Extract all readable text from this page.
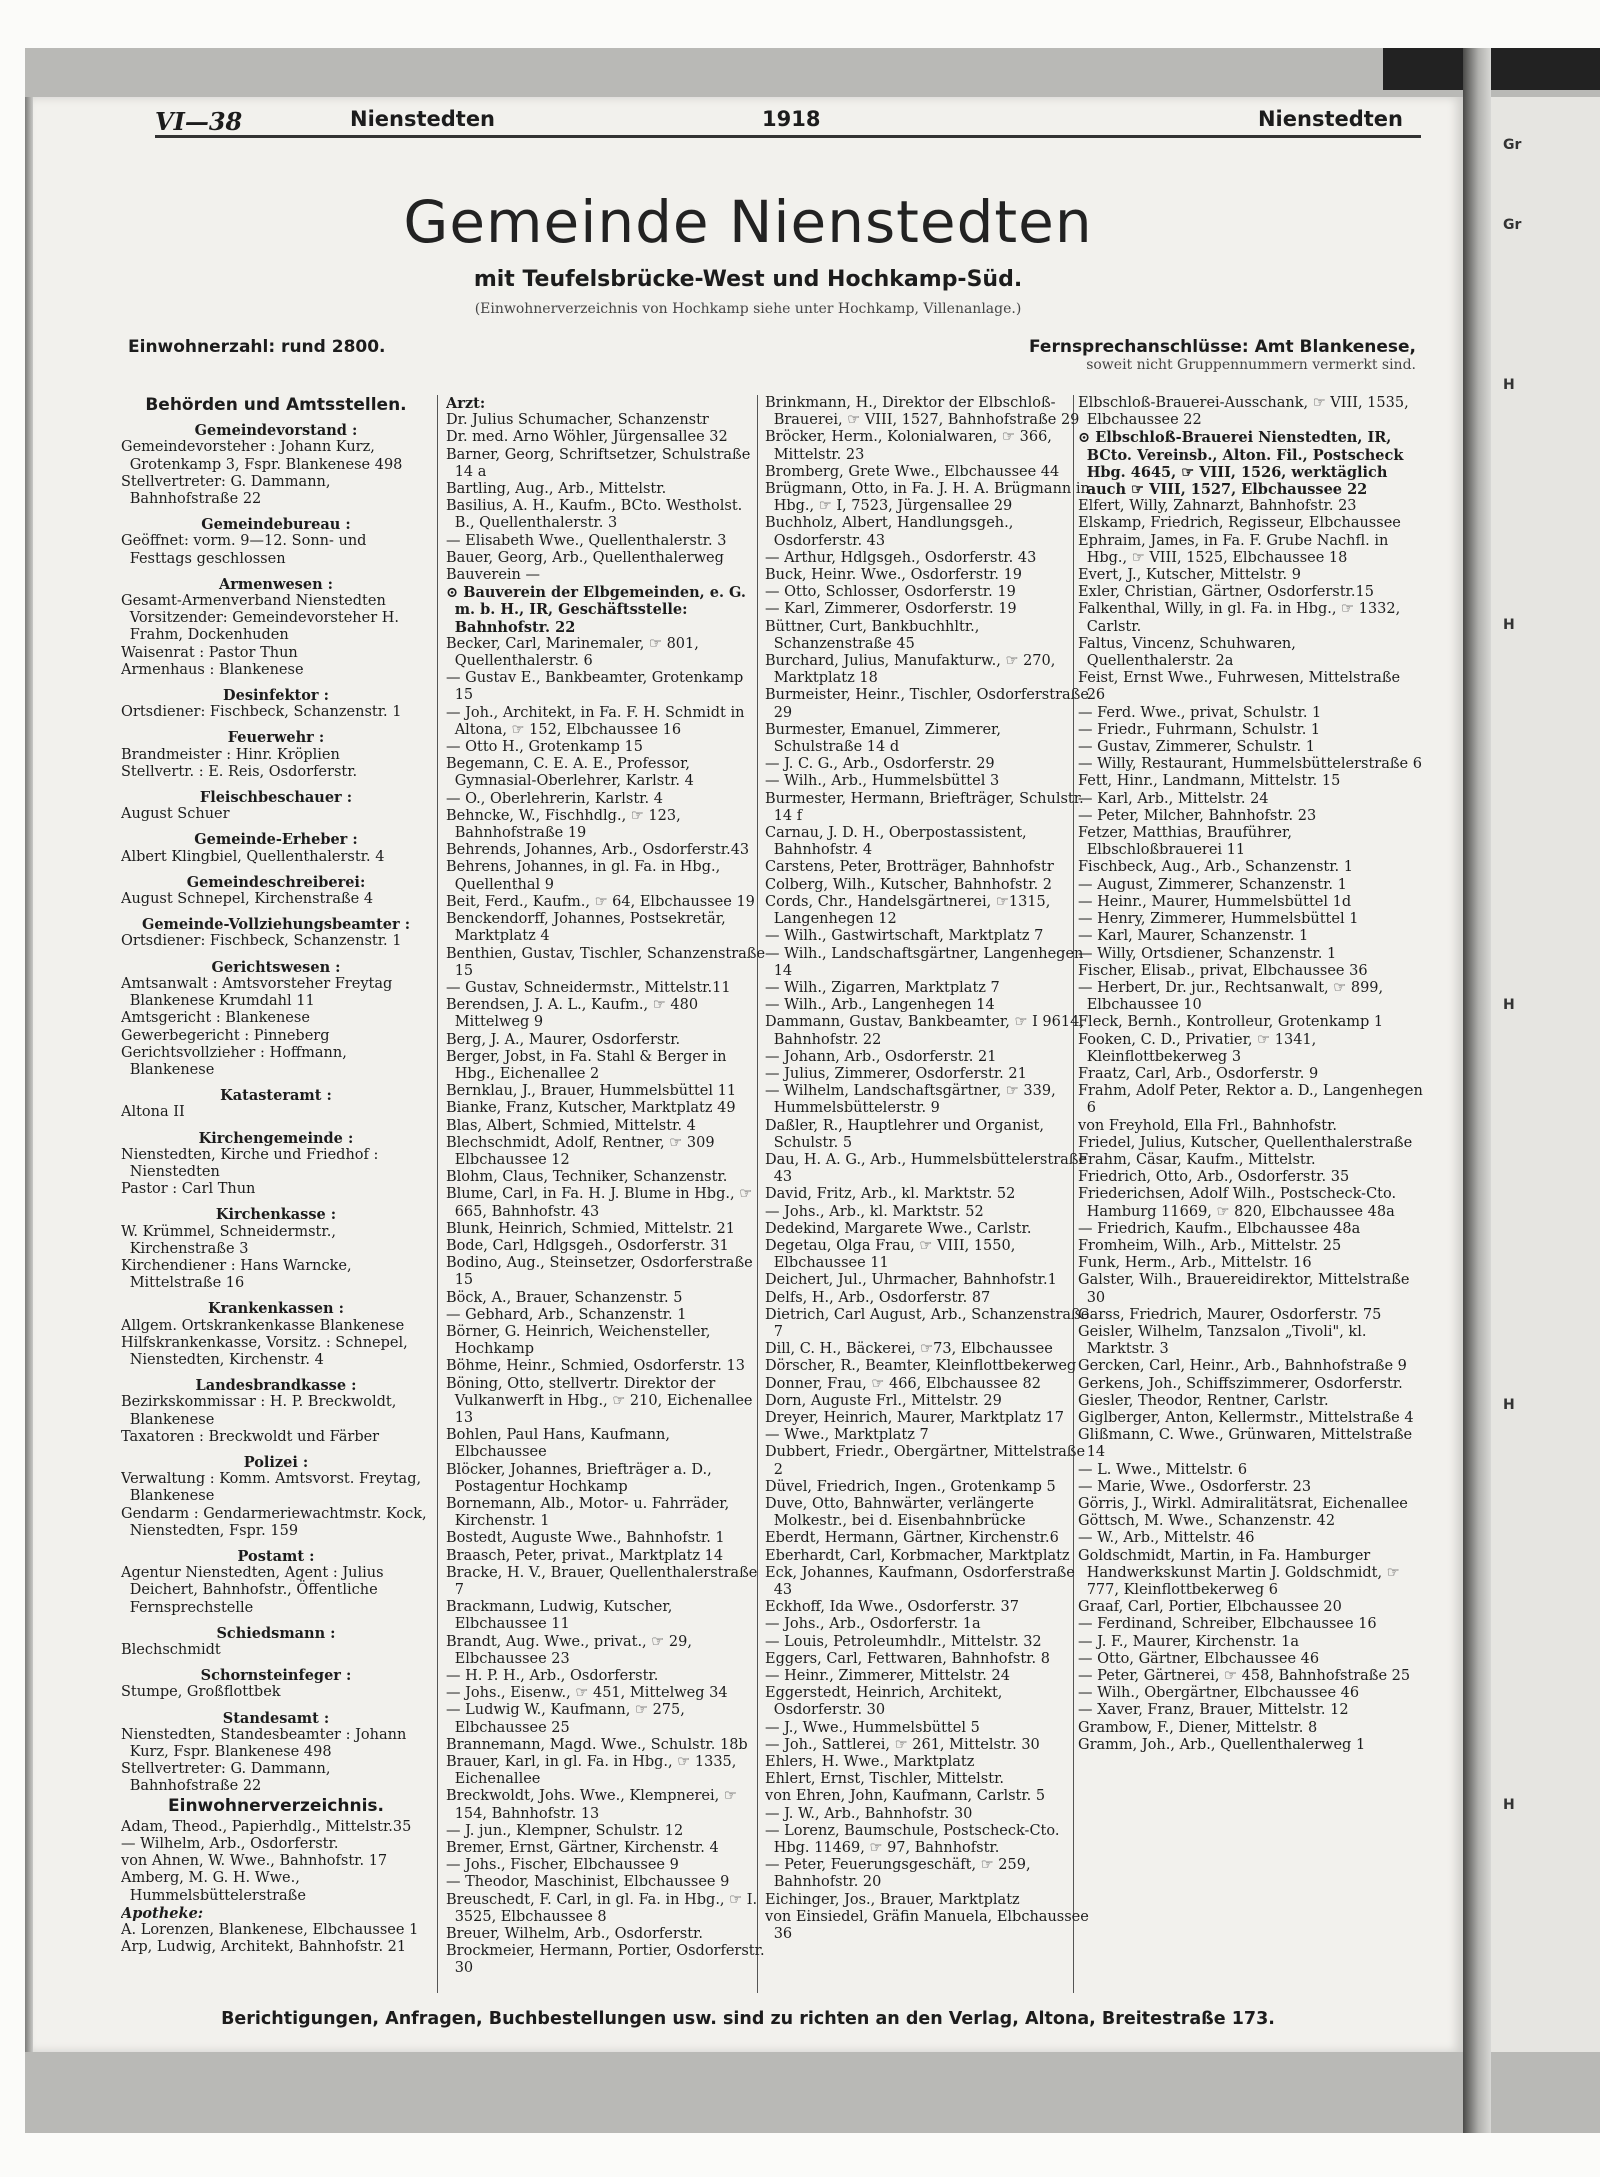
VI—38	Nienstedten	1918	Nienstedten
Gemeinde Nienstedten
mit Teufelsbrücke-West und Hochkamp-Süd.
(Einwohnerverzeichnis von Hochkamp siehe unter Hochkamp, Villenanlage.)
Einwohnerzahl: rund 2800.	Fernsprechanschlüsse: Amt Blankenese,
soweit nicht Gruppennummern vermerkt sind.
Behörden und Amtsstellen.
Gemeindevorstand :
Gemeindevorsteher : Johann Kurz, Grotenkamp 3, Fspr. Blankenese 498
Stellvertreter: G. Dammann, Bahnhofstraße 22
Gemeindebureau :
Geöffnet: vorm. 9—12. Sonn- und Festtags geschlossen
Armenwesen :
Gesamt-Armenverband Nienstedten Vorsitzender: Gemeindevorsteher H. Frahm, Dockenhuden
Waisenrat : Pastor Thun
Armenhaus : Blankenese
Desinfektor :
Ortsdiener: Fischbeck, Schanzenstr. 1
Feuerwehr :
Brandmeister : Hinr. Kröplien
Stellvertr. : E. Reis, Osdorferstr.
Fleischbeschauer :
August Schuer
Gemeinde-Erheber :
Albert Klingbiel, Quellenthalerstr. 4
Gemeindeschreiberei:
August Schnepel, Kirchenstraße 4
Gemeinde-Vollziehungsbeamter :
Ortsdiener: Fischbeck, Schanzenstr. 1
Gerichtswesen :
Amtsanwalt : Amtsvorsteher Freytag Blankenese Krumdahl 11
Amtsgericht : Blankenese
Gewerbegericht : Pinneberg
Gerichtsvollzieher : Hoffmann, Blankenese
Katasteramt :
Altona II
Kirchengemeinde :
Nienstedten, Kirche und Friedhof : Nienstedten
Pastor : Carl Thun
Kirchenkasse :
W. Krümmel, Schneidermstr., Kirchenstraße 3
Kirchendiener : Hans Warncke, Mittelstraße 16
Krankenkassen :
Allgem. Ortskrankenkasse Blankenese
Hilfskrankenkasse, Vorsitz. : Schnepel, Nienstedten, Kirchenstr. 4
Landesbrandkasse :
Bezirkskommissar : H. P. Breckwoldt, Blankenese
Taxatoren : Breckwoldt und Färber
Polizei :
Verwaltung : Komm. Amtsvorst. Freytag, Blankenese
Gendarm : Gendarmeriewachtmstr. Kock, Nienstedten, Fspr. 159
Postamt :
Agentur Nienstedten, Agent : Julius Deichert, Bahnhofstr., Öffentliche Fernsprechstelle
Schiedsmann :
Blechschmidt
Schornsteinfeger :
Stumpe, Großflottbek
Standesamt :
Nienstedten, Standesbeamter : Johann Kurz, Fspr. Blankenese 498
Stellvertreter: G. Dammann, Bahnhofstraße 22
Einwohnerverzeichnis.
Adam, Theod., Papierhdlg., Mittelstr.35
— Wilhelm, Arb., Osdorferstr.
von Ahnen, W. Wwe., Bahnhofstr. 17
Amberg, M. G. H. Wwe., Hummelsbüttelerstraße
Apotheke:
A. Lorenzen, Blankenese, Elbchaussee 1
Arp, Ludwig, Architekt, Bahnhofstr. 21
Arzt:
Dr. Julius Schumacher, Schanzenstr
Dr. med. Arno Wöhler, Jürgensallee 32
Barner, Georg, Schriftsetzer, Schulstraße 14 a
Bartling, Aug., Arb., Mittelstr.
Basilius, A. H., Kaufm., BCto. Westholst. B., Quellenthalerstr. 3
— Elisabeth Wwe., Quellenthalerstr. 3
Bauer, Georg, Arb., Quellenthalerweg
Bauverein —
⊙ Bauverein der Elbgemeinden, e. G. m. b. H., IR, Geschäftsstelle: Bahnhofstr. 22
Becker, Carl, Marinemaler, ☞ 801, Quellenthalerstr. 6
— Gustav E., Bankbeamter, Grotenkamp 15
— Joh., Architekt, in Fa. F. H. Schmidt in Altona, ☞ 152, Elbchaussee 16
— Otto H., Grotenkamp 15
Begemann, C. E. A. E., Professor, Gymnasial-Oberlehrer, Karlstr. 4
— O., Oberlehrerin, Karlstr. 4
Behncke, W., Fischhdlg., ☞ 123, Bahnhofstraße 19
Behrends, Johannes, Arb., Osdorferstr.43
Behrens, Johannes, in gl. Fa. in Hbg., Quellenthal 9
Beit, Ferd., Kaufm., ☞ 64, Elbchaussee 19
Benckendorff, Johannes, Postsekretär, Marktplatz 4
Benthien, Gustav, Tischler, Schanzenstraße 15
— Gustav, Schneidermstr., Mittelstr.11
Berendsen, J. A. L., Kaufm., ☞ 480 Mittelweg 9
Berg, J. A., Maurer, Osdorferstr.
Berger, Jobst, in Fa. Stahl & Berger in Hbg., Eichenallee 2
Bernklau, J., Brauer, Hummelsbüttel 11
Bianke, Franz, Kutscher, Marktplatz 49
Blas, Albert, Schmied, Mittelstr. 4
Blechschmidt, Adolf, Rentner, ☞ 309 Elbchaussee 12
Blohm, Claus, Techniker, Schanzenstr.
Blume, Carl, in Fa. H. J. Blume in Hbg., ☞ 665, Bahnhofstr. 43
Blunk, Heinrich, Schmied, Mittelstr. 21
Bode, Carl, Hdlgsgeh., Osdorferstr. 31
Bodino, Aug., Steinsetzer, Osdorferstraße 15
Böck, A., Brauer, Schanzenstr. 5
— Gebhard, Arb., Schanzenstr. 1
Börner, G. Heinrich, Weichensteller, Hochkamp
Böhme, Heinr., Schmied, Osdorferstr. 13
Böning, Otto, stellvertr. Direktor der Vulkanwerft in Hbg., ☞ 210, Eichenallee 13
Bohlen, Paul Hans, Kaufmann, Elbchaussee
Blöcker, Johannes, Briefträger a. D., Postagentur Hochkamp
Bornemann, Alb., Motor- u. Fahrräder, Kirchenstr. 1
Bostedt, Auguste Wwe., Bahnhofstr. 1
Braasch, Peter, privat., Marktplatz 14
Bracke, H. V., Brauer, Quellenthalerstraße 7
Brackmann, Ludwig, Kutscher, Elbchaussee 11
Brandt, Aug. Wwe., privat., ☞ 29, Elbchaussee 23
— H. P. H., Arb., Osdorferstr.
— Johs., Eisenw., ☞ 451, Mittelweg 34
— Ludwig W., Kaufmann, ☞ 275, Elbchaussee 25
Brannemann, Magd. Wwe., Schulstr. 18b
Brauer, Karl, in gl. Fa. in Hbg., ☞ 1335, Eichenallee
Breckwoldt, Johs. Wwe., Klempnerei, ☞ 154, Bahnhofstr. 13
— J. jun., Klempner, Schulstr. 12
Bremer, Ernst, Gärtner, Kirchenstr. 4
— Johs., Fischer, Elbchaussee 9
— Theodor, Maschinist, Elbchaussee 9
Breuschedt, F. Carl, in gl. Fa. in Hbg., ☞ I. 3525, Elbchaussee 8
Breuer, Wilhelm, Arb., Osdorferstr.
Brockmeier, Hermann, Portier, Osdorferstr. 30
Brinkmann, H., Direktor der Elbschloß-Brauerei, ☞ VIII, 1527, Bahnhofstraße 29
Bröcker, Herm., Kolonialwaren, ☞ 366, Mittelstr. 23
Bromberg, Grete Wwe., Elbchaussee 44
Brügmann, Otto, in Fa. J. H. A. Brügmann in Hbg., ☞ I, 7523, Jürgensallee 29
Buchholz, Albert, Handlungsgeh., Osdorferstr. 43
— Arthur, Hdlgsgeh., Osdorferstr. 43
Buck, Heinr. Wwe., Osdorferstr. 19
— Otto, Schlosser, Osdorferstr. 19
— Karl, Zimmerer, Osdorferstr. 19
Büttner, Curt, Bankbuchhltr., Schanzenstraße 45
Burchard, Julius, Manufakturw., ☞ 270, Marktplatz 18
Burmeister, Heinr., Tischler, Osdorferstraße 29
Burmester, Emanuel, Zimmerer, Schulstraße 14 d
— J. C. G., Arb., Osdorferstr. 29
— Wilh., Arb., Hummelsbüttel 3
Burmester, Hermann, Briefträger, Schulstr. 14 f
Carnau, J. D. H., Oberpostassistent, Bahnhofstr. 4
Carstens, Peter, Brotträger, Bahnhofstr
Colberg, Wilh., Kutscher, Bahnhofstr. 2
Cords, Chr., Handelsgärtnerei, ☞1315, Langenhegen 12
— Wilh., Gastwirtschaft, Marktplatz 7
— Wilh., Landschaftsgärtner, Langenhegen 14
— Wilh., Zigarren, Marktplatz 7
— Wilh., Arb., Langenhegen 14
Dammann, Gustav, Bankbeamter, ☞ I 9614, Bahnhofstr. 22
— Johann, Arb., Osdorferstr. 21
— Julius, Zimmerer, Osdorferstr. 21
— Wilhelm, Landschaftsgärtner, ☞ 339, Hummelsbüttelerstr. 9
Daßler, R., Hauptlehrer und Organist, Schulstr. 5
Dau, H. A. G., Arb., Hummelsbüttelerstraße 43
David, Fritz, Arb., kl. Marktstr. 52
— Johs., Arb., kl. Marktstr. 52
Dedekind, Margarete Wwe., Carlstr.
Degetau, Olga Frau, ☞ VIII, 1550, Elbchaussee 11
Deichert, Jul., Uhrmacher, Bahnhofstr.1
Delfs, H., Arb., Osdorferstr. 87
Dietrich, Carl August, Arb., Schanzenstraße 7
Dill, C. H., Bäckerei, ☞73, Elbchaussee
Dörscher, R., Beamter, Kleinflottbekerweg
Donner, Frau, ☞ 466, Elbchaussee 82
Dorn, Auguste Frl., Mittelstr. 29
Dreyer, Heinrich, Maurer, Marktplatz 17
— Wwe., Marktplatz 7
Dubbert, Friedr., Obergärtner, Mittelstraße 2
Düvel, Friedrich, Ingen., Grotenkamp 5
Duve, Otto, Bahnwärter, verlängerte Molkestr., bei d. Eisenbahnbrücke
Eberdt, Hermann, Gärtner, Kirchenstr.6
Eberhardt, Carl, Korbmacher, Marktplatz
Eck, Johannes, Kaufmann, Osdorferstraße 43
Eckhoff, Ida Wwe., Osdorferstr. 37
— Johs., Arb., Osdorferstr. 1a
— Louis, Petroleumhdlr., Mittelstr. 32
Eggers, Carl, Fettwaren, Bahnhofstr. 8
— Heinr., Zimmerer, Mittelstr. 24
Eggerstedt, Heinrich, Architekt, Osdorferstr. 30
— J., Wwe., Hummelsbüttel 5
— Joh., Sattlerei, ☞ 261, Mittelstr. 30
Ehlers, H. Wwe., Marktplatz
Ehlert, Ernst, Tischler, Mittelstr.
von Ehren, John, Kaufmann, Carlstr. 5
— J. W., Arb., Bahnhofstr. 30
— Lorenz, Baumschule, Postscheck-Cto. Hbg. 11469, ☞ 97, Bahnhofstr.
— Peter, Feuerungsgeschäft, ☞ 259, Bahnhofstr. 20
Eichinger, Jos., Brauer, Marktplatz
von Einsiedel, Gräfin Manuela, Elbchaussee 36
Elbschloß-Brauerei-Ausschank, ☞ VIII, 1535, Elbchaussee 22
⊙ Elbschloß-Brauerei Nienstedten, IR, BCto. Vereinsb., Alton. Fil., Postscheck Hbg. 4645, ☞ VIII, 1526, werktäglich auch ☞ VIII, 1527, Elbchaussee 22
Elfert, Willy, Zahnarzt, Bahnhofstr. 23
Elskamp, Friedrich, Regisseur, Elbchaussee
Ephraim, James, in Fa. F. Grube Nachfl. in Hbg., ☞ VIII, 1525, Elbchaussee 18
Evert, J., Kutscher, Mittelstr. 9
Exler, Christian, Gärtner, Osdorferstr.15
Falkenthal, Willy, in gl. Fa. in Hbg., ☞ 1332, Carlstr.
Faltus, Vincenz, Schuhwaren, Quellenthalerstr. 2a
Feist, Ernst Wwe., Fuhrwesen, Mittelstraße 26
— Ferd. Wwe., privat, Schulstr. 1
— Friedr., Fuhrmann, Schulstr. 1
— Gustav, Zimmerer, Schulstr. 1
— Willy, Restaurant, Hummelsbüttelerstraße 6
Fett, Hinr., Landmann, Mittelstr. 15
— Karl, Arb., Mittelstr. 24
— Peter, Milcher, Bahnhofstr. 23
Fetzer, Matthias, Brauführer, Elbschloßbrauerei 11
Fischbeck, Aug., Arb., Schanzenstr. 1
— August, Zimmerer, Schanzenstr. 1
— Heinr., Maurer, Hummelsbüttel 1d
— Henry, Zimmerer, Hummelsbüttel 1
— Karl, Maurer, Schanzenstr. 1
— Willy, Ortsdiener, Schanzenstr. 1
Fischer, Elisab., privat, Elbchaussee 36
— Herbert, Dr. jur., Rechtsanwalt, ☞ 899, Elbchaussee 10
Fleck, Bernh., Kontrolleur, Grotenkamp 1
Fooken, C. D., Privatier, ☞ 1341, Kleinflottbekerweg 3
Fraatz, Carl, Arb., Osdorferstr. 9
Frahm, Adolf Peter, Rektor a. D., Langenhegen 6
von Freyhold, Ella Frl., Bahnhofstr.
Friedel, Julius, Kutscher, Quellenthalerstraße
Frahm, Cäsar, Kaufm., Mittelstr.
Friedrich, Otto, Arb., Osdorferstr. 35
Friederichsen, Adolf Wilh., Postscheck-Cto. Hamburg 11669, ☞ 820, Elbchaussee 48a
— Friedrich, Kaufm., Elbchaussee 48a
Fromheim, Wilh., Arb., Mittelstr. 25
Funk, Herm., Arb., Mittelstr. 16
Galster, Wilh., Brauereidirektor, Mittelstraße 30
Garss, Friedrich, Maurer, Osdorferstr. 75
Geisler, Wilhelm, Tanzsalon „Tivoli", kl. Marktstr. 3
Gercken, Carl, Heinr., Arb., Bahnhofstraße 9
Gerkens, Joh., Schiffszimmerer, Osdorferstr.
Giesler, Theodor, Rentner, Carlstr.
Giglberger, Anton, Kellermstr., Mittelstraße 4
Glißmann, C. Wwe., Grünwaren, Mittelstraße 14
— L. Wwe., Mittelstr. 6
— Marie, Wwe., Osdorferstr. 23
Görris, J., Wirkl. Admiralitätsrat, Eichenallee
Göttsch, M. Wwe., Schanzenstr. 42
— W., Arb., Mittelstr. 46
Goldschmidt, Martin, in Fa. Hamburger Handwerkskunst Martin J. Goldschmidt, ☞ 777, Kleinflottbekerweg 6
Graaf, Carl, Portier, Elbchaussee 20
— Ferdinand, Schreiber, Elbchaussee 16
— J. F., Maurer, Kirchenstr. 1a
— Otto, Gärtner, Elbchaussee 46
— Peter, Gärtnerei, ☞ 458, Bahnhofstraße 25
— Wilh., Obergärtner, Elbchaussee 46
— Xaver, Franz, Brauer, Mittelstr. 12
Grambow, F., Diener, Mittelstr. 8
Gramm, Joh., Arb., Quellenthalerweg 1
Berichtigungen, Anfragen, Buchbestellungen usw. sind zu richten an den Verlag, Altona, Breitestraße 173.
Gr
Gr
H
H
H
H
H
